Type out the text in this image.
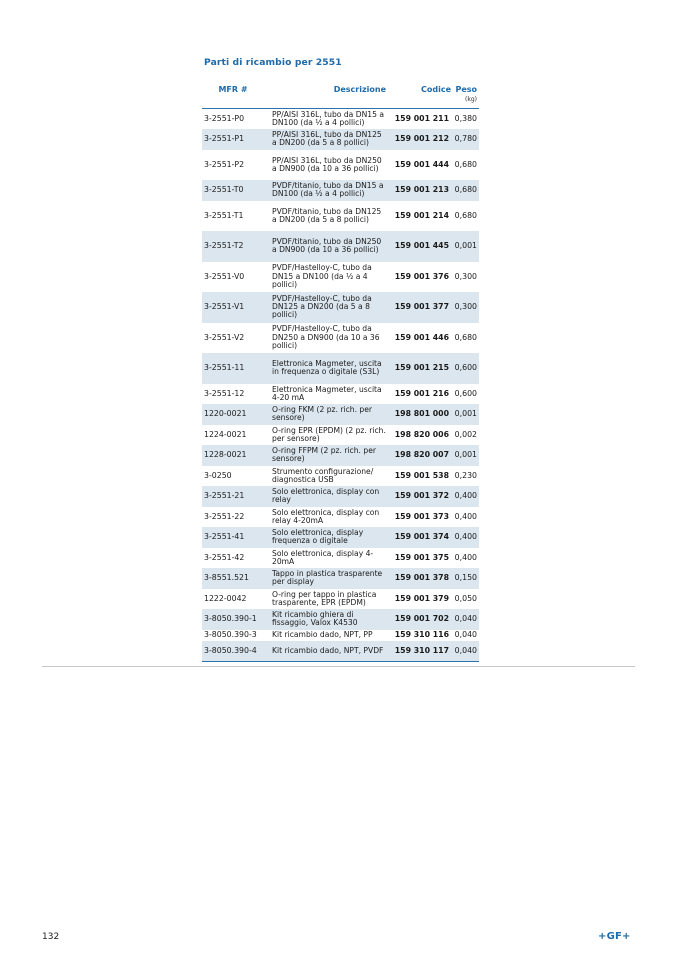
Parti di ricambio per 2551
MFR #	Descrizione	Codice	Peso
(kg)

3-2551-P0	PP/AISI 316L, tubo da DN15 a DN100 (da ½ a 4 pollici)	159 001 211	0,380
3-2551-P1	PP/AISI 316L, tubo da DN125 a DN200 (da 5 a 8 pollici)	159 001 212	0,780
3-2551-P2	PP/AISI 316L, tubo da DN250 a DN900 (da 10 a 36 pollici)	159 001 444	0,680
3-2551-T0	PVDF/titanio, tubo da DN15 a DN100 (da ½ a 4 pollici)	159 001 213	0,680
3-2551-T1	PVDF/titanio, tubo da DN125 a DN200 (da 5 a 8 pollici)	159 001 214	0,680
3-2551-T2	PVDF/titanio, tubo da DN250 a DN900 (da 10 a 36 pollici)	159 001 445	0,001
3-2551-V0	PVDF/Hastelloy-C, tubo da DN15 a DN100 (da ½ a 4 pollici)	159 001 376	0,300
3-2551-V1	PVDF/Hastelloy-C, tubo da DN125 a DN200 (da 5 a 8 pollici)	159 001 377	0,300
3-2551-V2	PVDF/Hastelloy-C, tubo da DN250 a DN900 (da 10 a 36 pollici)	159 001 446	0,680
3-2551-11	Elettronica Magmeter, uscita in frequenza o digitale (S3L)	159 001 215	0,600
3-2551-12	Elettronica Magmeter, uscita 4-20 mA	159 001 216	0,600
1220-0021	O-ring FKM (2 pz. rich. per sensore)	198 801 000	0,001
1224-0021	O-ring EPR (EPDM) (2 pz. rich. per sensore)	198 820 006	0,002
1228-0021	O-ring FFPM (2 pz. rich. per sensore)	198 820 007	0,001
3-0250	Strumento configurazione/ diagnostica USB	159 001 538	0,230
3-2551-21	Solo elettronica, display con relay	159 001 372	0,400
3-2551-22	Solo elettronica, display con relay 4-20mA	159 001 373	0,400
3-2551-41	Solo elettronica, display frequenza o digitale	159 001 374	0,400
3-2551-42	Solo elettronica, display 4-20mA	159 001 375	0,400
3-8551.521	Tappo in plastica trasparente per display	159 001 378	0,150
1222-0042	O-ring per tappo in plastica trasparente, EPR (EPDM)	159 001 379	0,050
3-8050.390-1	Kit ricambio ghiera di fissaggio, Valox K4530	159 001 702	0,040
3-8050.390-3	Kit ricambio dado, NPT, PP	159 310 116	0,040
3-8050.390-4	Kit ricambio dado, NPT, PVDF	159 310 117	0,040
132	+GF+
